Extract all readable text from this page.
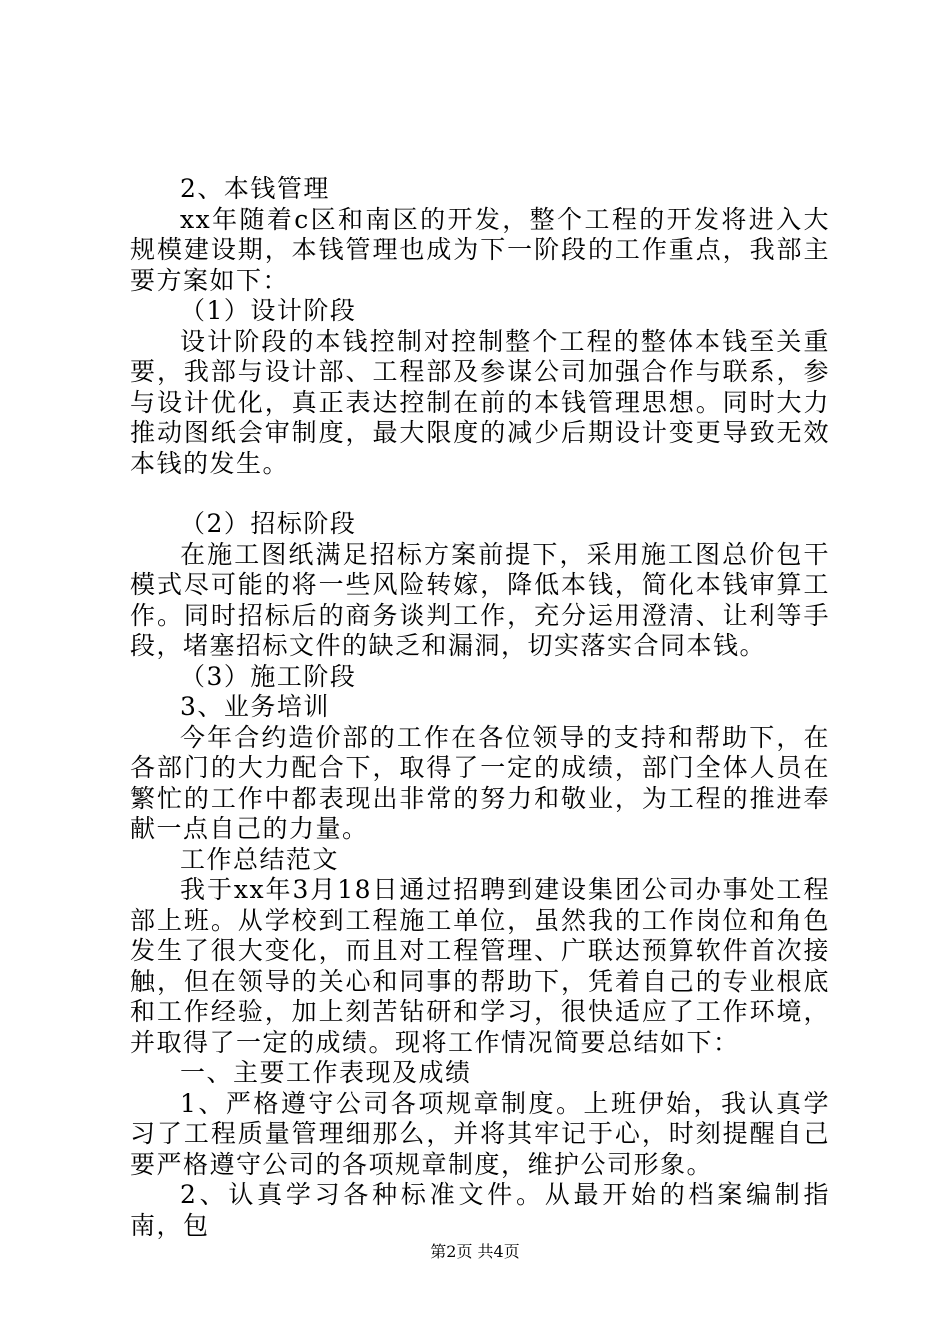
2、本钱管理

xx年随着c区和南区的开发，整个工程的开发将进入大规模建设期，本钱管理也成为下一阶段的工作重点，我部主要方案如下：

（1）设计阶段

设计阶段的本钱控制对控制整个工程的整体本钱至关重要，我部与设计部、工程部及参谋公司加强合作与联系，参与设计优化，真正表达控制在前的本钱管理思想。同时大力推动图纸会审制度，最大限度的减少后期设计变更导致无效本钱的发生。

（2）招标阶段

在施工图纸满足招标方案前提下，采用施工图总价包干模式尽可能的将一些风险转嫁，降低本钱，简化本钱审算工作。同时招标后的商务谈判工作，充分运用澄清、让利等手段，堵塞招标文件的缺乏和漏洞，切实落实合同本钱。

（3）施工阶段

3、业务培训

今年合约造价部的工作在各位领导的支持和帮助下，在各部门的大力配合下，取得了一定的成绩，部门全体人员在繁忙的工作中都表现出非常的努力和敬业，为工程的推进奉献一点自己的力量。

工作总结范文

我于xx年3月18日通过招聘到建设集团公司办事处工程部上班。从学校到工程施工单位，虽然我的工作岗位和角色发生了很大变化，而且对工程管理、广联达预算软件首次接触，但在领导的关心和同事的帮助下，凭着自己的专业根底和工作经验，加上刻苦钻研和学习，很快适应了工作环境，并取得了一定的成绩。现将工作情况简要总结如下：

一、主要工作表现及成绩

1、严格遵守公司各项规章制度。上班伊始，我认真学习了工程质量管理细那么，并将其牢记于心，时刻提醒自己要严格遵守公司的各项规章制度，维护公司形象。

2、认真学习各种标准文件。从最开始的档案编制指南，包

第2页 共4页
